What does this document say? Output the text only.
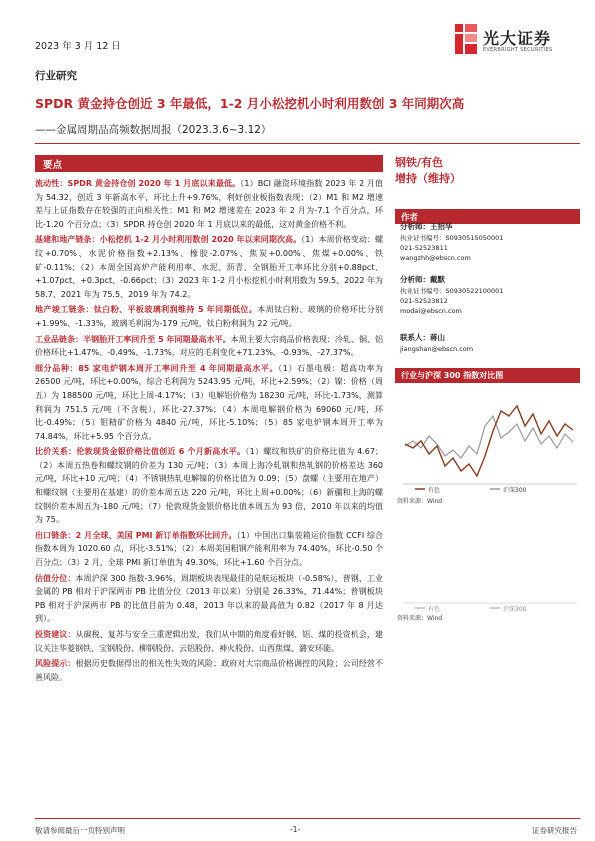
2023 年 3 月 12 日	光大证券
EVERBRIGHT SECURITIES
行业研究
SPDR 黄金持仓创近 3 年最低，1-2 月小松挖机小时利用数创 3 年同期次高
——金属周期品高频数据周报（2023.3.6~3.12）
要点
流动性：SPDR 黄金持仓创 2020 年 1 月底以来最低。（1）BCI 融资环境指数 2023 年 2 月值为 54.32，创近 3 年新高水平，环比上升+9.76%，利好创业板指数表现；（2）M1 和 M2 增速差与上证指数存在较强的正向相关性：M1 和 M2 增速差在 2023 年 2 月为-7.1 个百分点，环比-1.20 个百分点；（3）SPDR 持仓创 2020 年 1 月底以来的最低，这对黄金价格不利。
基建和地产链条：小松挖机 1-2 月小时利用数创 2020 年以来同期次高。（1）本周价格变动：螺纹+0.70%、水泥价格指数+2.13%、橡胶-2.07%、焦炭+0.00%、焦煤+0.00%、铁矿-0.11%；（2）本周全国高炉产能利用率、水泥、沥青、全钢胎开工率环比分别+0.88pct、+1.07pct、+0.3pct、-0.66pct；（3）2023 年 1-2 月小松挖机小时利用数为 59.5、2022 年为 58.7、2021 年为 75.5、2019 年为 74.2。
地产竣工链条：钛白粉、平板玻璃利润维持 5 年同期低位。本周钛白粉、玻璃的价格环比分别+1.99%、-1.33%，玻璃毛利润为-179 元/吨，钛白粉利润为 22 元/吨。
工业品链条：半钢胎开工率回升至 5 年同期最高水平。本周主要大宗商品价格表现：冷轧、铜、铝价格环比+1.47%、-0.49%、-1.73%，对应的毛利变化+71.23%、-0.93%、-27.37%。
细分品种：85 家电炉钢本周开工率回升至 4 年同期最高水平。（1）石墨电极：超高功率为 26500 元/吨，环比+0.00%，综合毛利润为 5243.95 元/吨，环比+2.59%；（2）镍：价格（周五）为 188500 元/吨，环比上周-4.17%；（3）电解铝价格为 18230 元/吨，环比-1.73%，测算利润为 751.5 元/吨（不含税），环比-27.37%；（4）本周电解钢价格为 69060 元/吨，环比-0.49%；（5）钼精矿价格为 4840 元/吨，环比-5.10%；（5）85 家电炉钢本周开工率为 74.84%，环比+5.95 个百分点。
比价关系：伦敦现货金银价格比值创近 6 个月新高水平。（1）螺纹和铁矿的价格比值为 4.67；（2）本周五热卷和螺纹钢的价差为 130 元/吨；（3）本周上海冷轧钢和热轧钢的价格差达 360 元/吨，环比+10 元/吨；（4）不锈钢热轧电解镍的价格比值为 0.09；（5）盘螺（主要用在地产）和螺纹钢（主要用在基建）的价差本周五达 220 元/吨，环比上周+0.00%；（6）新疆和上海的螺纹钢价差本周五为-180 元/吨；（7）伦敦现货金银价格比值本周五为 93 倍，2010 年以来的均值为 75。
出口链条：2 月全球、美国 PMI 新订单指数环比回升。（1）中国出口集装箱运价指数 CCFI 综合指数本周为 1020.60 点，环比-3.51%；（2）本周美国粗钢产能利用率为 74.40%，环比-0.50 个百分点；（3）2 月，全球 PMI 新订单值为 49.30%，环比+1.60 个百分点。
估值分位：本周沪深 300 指数-3.96%，周期板块表现最佳的是航运板块（-0.58%），普钢、工业金属的 PB 相对于沪深两市 PB 比值分位（2013 年以来）分别是 26.33%、71.44%；普钢板块 PB 相对于沪深两市 PB 的比值目前为 0.48，2013 年以来的最高值为 0.82（2017 年 8 月达到）。
投资建议：从碳税、复苏与安全三重逻辑出发，我们从中期的角度看好钢、铝、煤的投资机会，建议关注华菱钢铁、宝钢股份、柳钢股份、云铝股份、神火股份、山西焦煤、潞安环能。
风险提示：根据历史数据得出的相关性失效的风险；政府对大宗商品价格调控的风险；公司经营不善风险。
钢铁/有色
增持（维持）
作者
分析师：王招华
执业证书编号：S0930515050001
021-52523811
wangzhh@ebscn.com
分析师：戴默
执业证书编号：S0930522100001
021-52523812
modai@ebscn.com
联系人：蒋山
jiangshan@ebscn.com
行业与沪深 300 指数对比图
有色	沪深300
资料来源：Wind
有色	沪深300
资料来源：Wind
敬请参阅最后一页特别声明	-1-	证券研究报告
